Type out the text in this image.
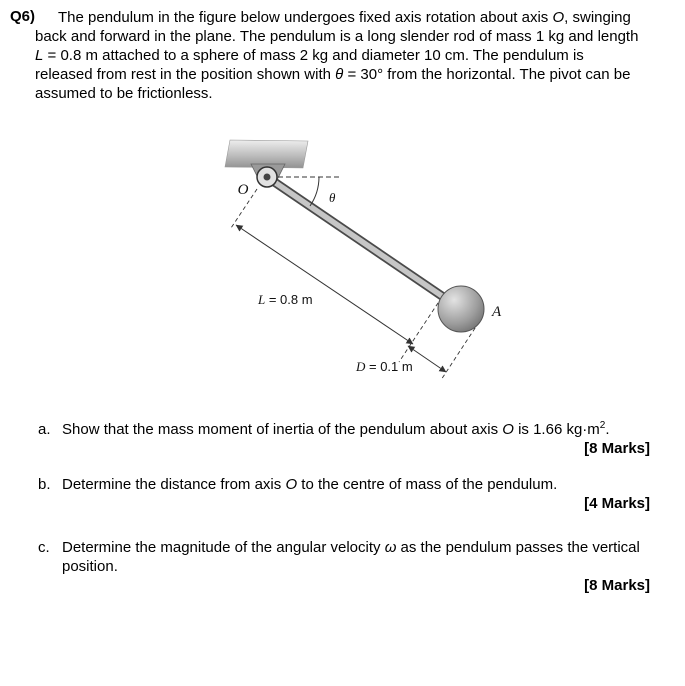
Q6)	The pendulum in the figure below undergoes fixed axis rotation about axis O, swinging back and forward in the plane. The pendulum is a long slender rod of mass 1 kg and length L = 0.8 m attached to a sphere of mass 2 kg and diameter 10 cm. The pendulum is released from rest in the position shown with θ = 30° from the horizontal. The pivot can be assumed to be frictionless.

O	θ
A
L = 0.8 m
D = 0.1 m
a. Show that the mass moment of inertia of the pendulum about axis O is 1.66 $kg\cdot m^2$.

[8 Marks]
b. Determine the distance from axis O to the centre of mass of the pendulum.

[4 Marks]
c. Determine the magnitude of the angular velocity ω as the pendulum passes the vertical position.

[8 Marks]
